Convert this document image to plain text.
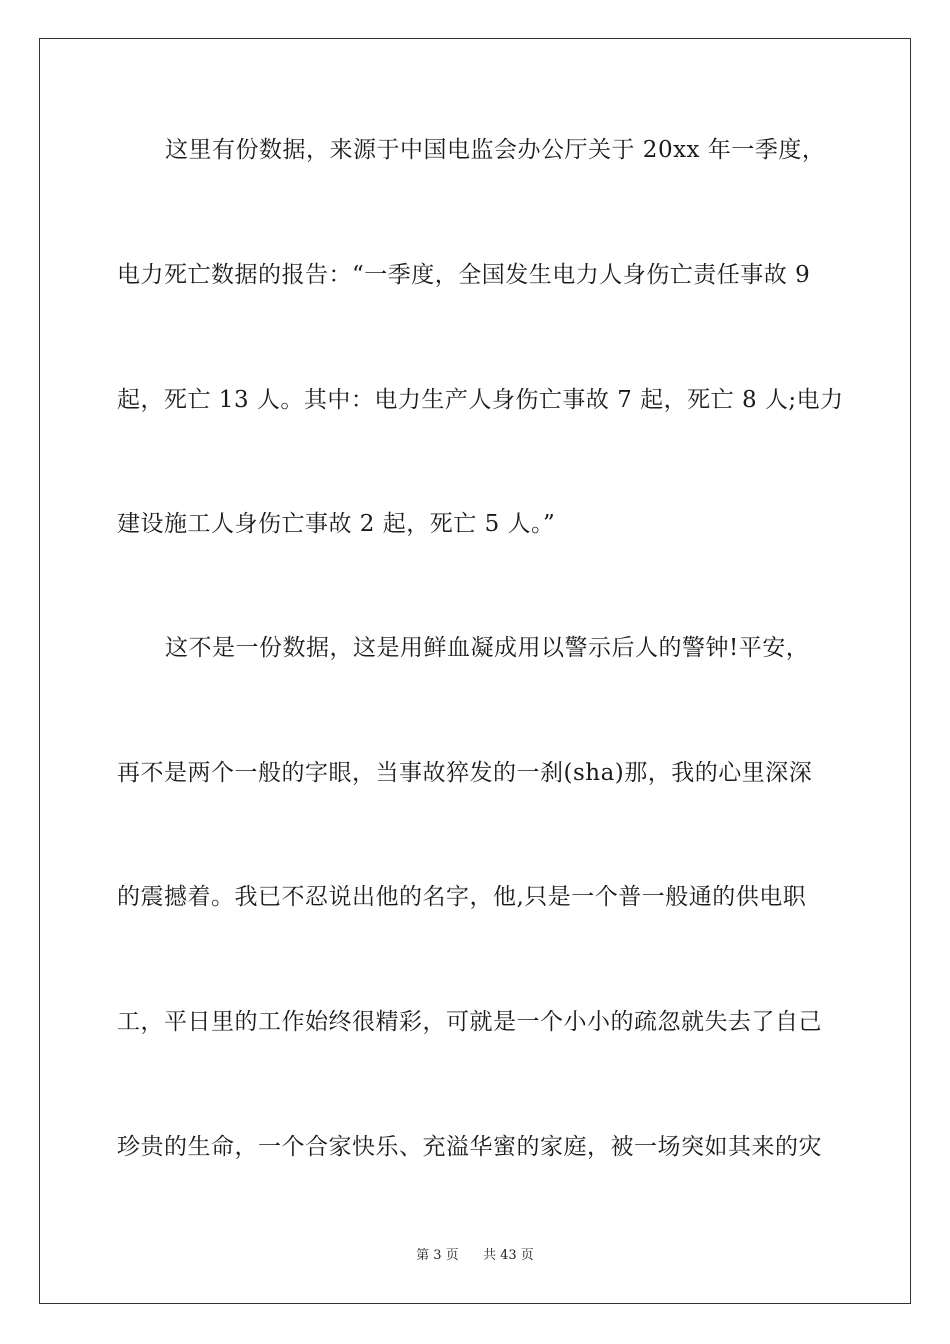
这里有份数据，来源于中国电监会办公厅关于 20xx 年一季度，
电力死亡数据的报告：“一季度，全国发生电力人身伤亡责任事故 9
起，死亡 13 人。其中：电力生产人身伤亡事故 7 起，死亡 8 人;电力
建设施工人身伤亡事故 2 起，死亡 5 人。”
这不是一份数据，这是用鲜血凝成用以警示后人的警钟!平安，
再不是两个一般的字眼，当事故猝发的一刹(sha)那，我的心里深深
的震撼着。我已不忍说出他的名字，他,只是一个普一般通的供电职
工，平日里的工作始终很精彩，可就是一个小小的疏忽就失去了自己
珍贵的生命，一个合家快乐、充溢华蜜的家庭，被一场突如其来的灾
第 3 页 共 43 页
